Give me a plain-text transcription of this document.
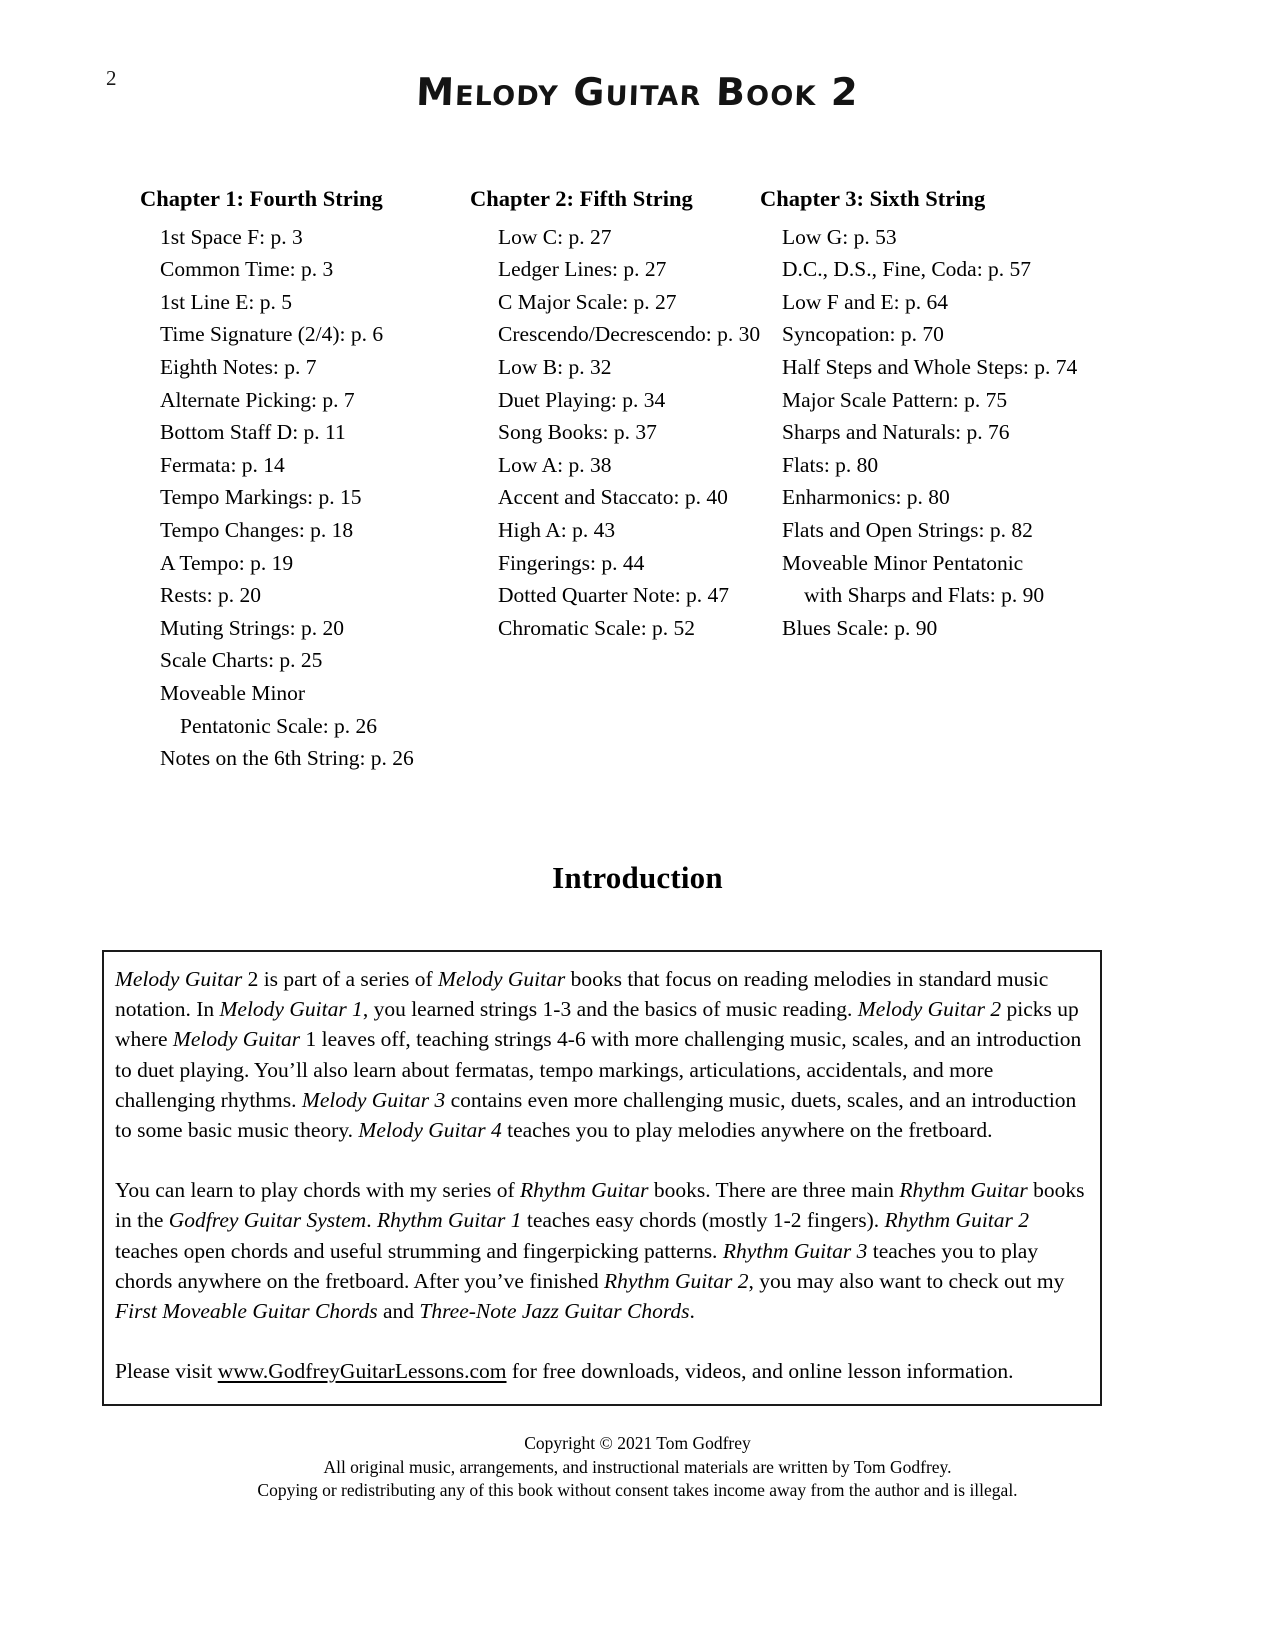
2	Melody Guitar Book 2
Chapter 1: Fourth String
1st Space F: p. 3
Common Time: p. 3
1st Line E: p. 5
Time Signature (2/4): p. 6
Eighth Notes: p. 7
Alternate Picking: p. 7
Bottom Staff D: p. 11
Fermata: p. 14
Tempo Markings: p. 15
Tempo Changes: p. 18
A Tempo: p. 19
Rests: p. 20
Muting Strings: p. 20
Scale Charts: p. 25
Moveable Minor
Pentatonic Scale: p. 26
Notes on the 6th String: p. 26
Chapter 2: Fifth String
Low C: p. 27
Ledger Lines: p. 27
C Major Scale: p. 27
Crescendo/Decrescendo: p. 30
Low B: p. 32
Duet Playing: p. 34
Song Books: p. 37
Low A: p. 38
Accent and Staccato: p. 40
High A: p. 43
Fingerings: p. 44
Dotted Quarter Note: p. 47
Chromatic Scale: p. 52
Chapter 3: Sixth String
Low G: p. 53
D.C., D.S., Fine, Coda: p. 57
Low F and E: p. 64
Syncopation: p. 70
Half Steps and Whole Steps: p. 74
Major Scale Pattern: p. 75
Sharps and Naturals: p. 76
Flats: p. 80
Enharmonics: p. 80
Flats and Open Strings: p. 82
Moveable Minor Pentatonic
with Sharps and Flats: p. 90
Blues Scale: p. 90
Introduction

Melody Guitar 2 is part of a series of Melody Guitar books that focus on reading melodies in standard music notation. In Melody Guitar 1, you learned strings 1-3 and the basics of music reading. Melody Guitar 2 picks up where Melody Guitar 1 leaves off, teaching strings 4-6 with more challenging music, scales, and an introduction to duet playing. You’ll also learn about fermatas, tempo markings, articulations, accidentals, and more challenging rhythms. Melody Guitar 3 contains even more challenging music, duets, scales, and an introduction to some basic music theory. Melody Guitar 4 teaches you to play melodies anywhere on the fretboard.

You can learn to play chords with my series of Rhythm Guitar books. There are three main Rhythm Guitar books in the Godfrey Guitar System. Rhythm Guitar 1 teaches easy chords (mostly 1-2 fingers). Rhythm Guitar 2 teaches open chords and useful strumming and fingerpicking patterns. Rhythm Guitar 3 teaches you to play chords anywhere on the fretboard. After you’ve finished Rhythm Guitar 2, you may also want to check out my First Moveable Guitar Chords and Three-Note Jazz Guitar Chords.

Please visit www.GodfreyGuitarLessons.com for free downloads, videos, and online lesson information.

Copyright © 2021 Tom Godfrey
All original music, arrangements, and instructional materials are written by Tom Godfrey.
Copying or redistributing any of this book without consent takes income away from the author and is illegal.
